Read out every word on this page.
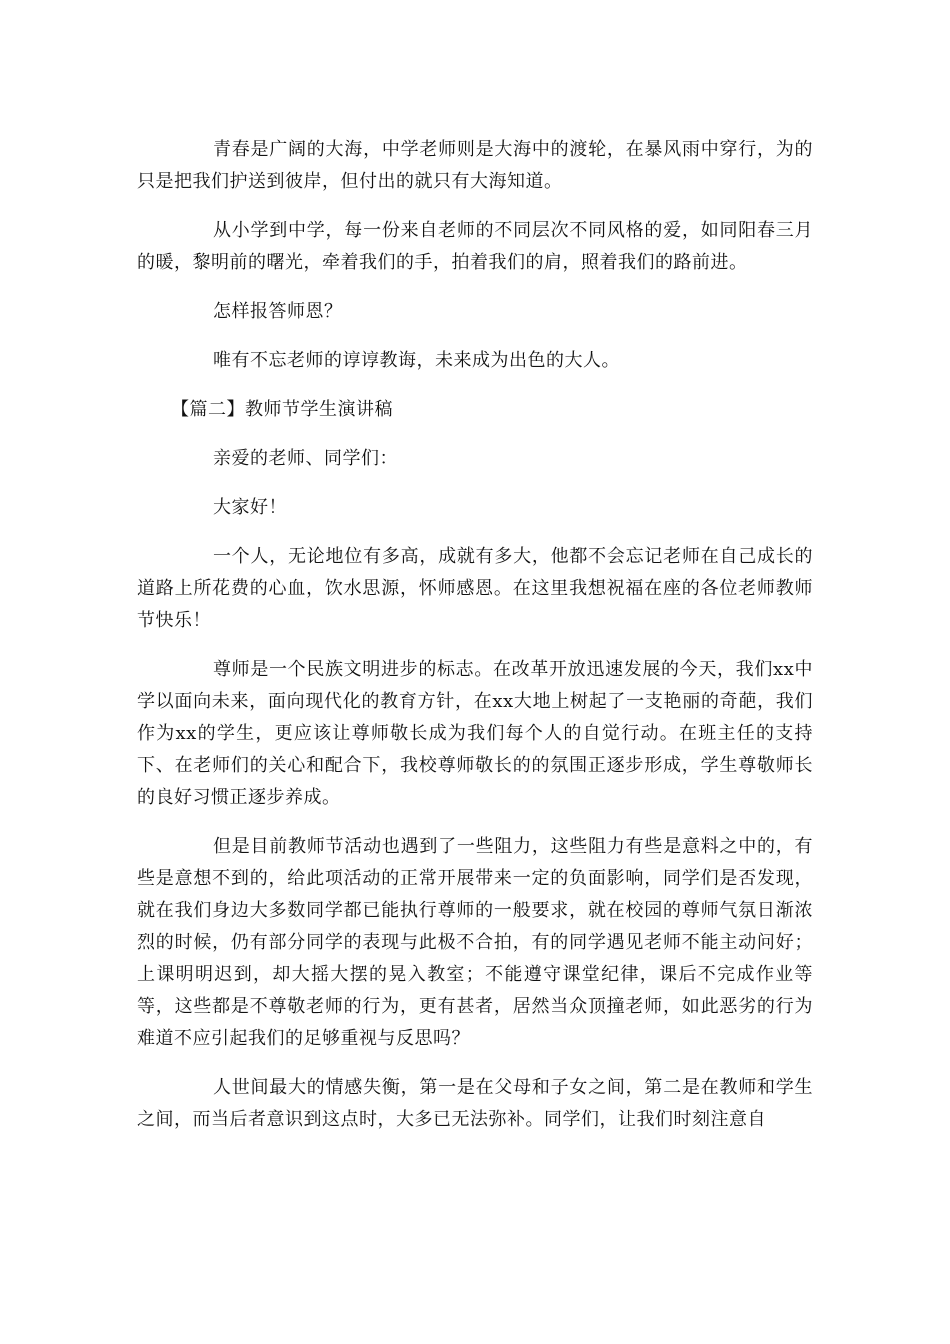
青春是广阔的大海，中学老师则是大海中的渡轮，在暴风雨中穿行，为的只是把我们护送到彼岸，但付出的就只有大海知道。

从小学到中学，每一份来自老师的不同层次不同风格的爱，如同阳春三月的暖，黎明前的曙光，牵着我们的手，拍着我们的肩，照着我们的路前进。

怎样报答师恩？

唯有不忘老师的谆谆教诲，未来成为出色的大人。

【篇二】教师节学生演讲稿

亲爱的老师、同学们：

大家好！

一个人，无论地位有多高，成就有多大，他都不会忘记老师在自己成长的道路上所花费的心血，饮水思源，怀师感恩。在这里我想祝福在座的各位老师教师节快乐！

尊师是一个民族文明进步的标志。在改革开放迅速发展的今天，我们xx中学以面向未来，面向现代化的教育方针，在xx大地上树起了一支艳丽的奇葩，我们作为xx的学生，更应该让尊师敬长成为我们每个人的自觉行动。在班主任的支持下、在老师们的关心和配合下，我校尊师敬长的的氛围正逐步形成，学生尊敬师长的良好习惯正逐步养成。

但是目前教师节活动也遇到了一些阻力，这些阻力有些是意料之中的，有些是意想不到的，给此项活动的正常开展带来一定的负面影响，同学们是否发现，就在我们身边大多数同学都已能执行尊师的一般要求，就在校园的尊师气氛日渐浓烈的时候，仍有部分同学的表现与此极不合拍，有的同学遇见老师不能主动问好；上课明明迟到，却大摇大摆的晃入教室；不能遵守课堂纪律，课后不完成作业等等，这些都是不尊敬老师的行为，更有甚者，居然当众顶撞老师，如此恶劣的行为难道不应引起我们的足够重视与反思吗？

人世间最大的情感失衡，第一是在父母和子女之间，第二是在教师和学生之间，而当后者意识到这点时，大多已无法弥补。同学们，让我们时刻注意自
